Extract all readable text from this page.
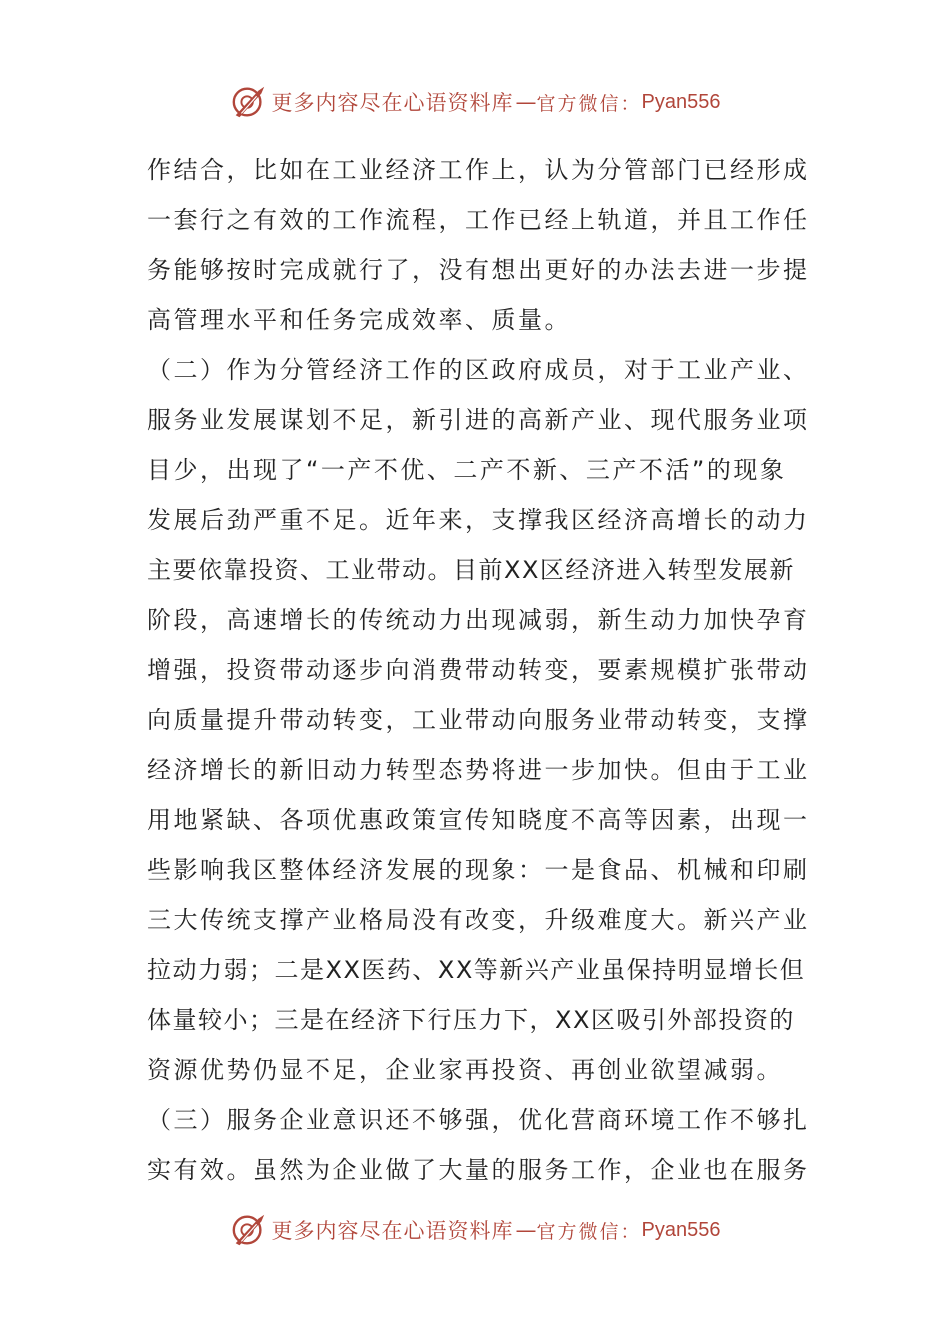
更多内容尽在心语资料库 — 官方微信： Pyan556
作结合，比如在工业经济工作上，认为分管部门已经形成
一套行之有效的工作流程，工作已经上轨道，并且工作任
务能够按时完成就行了，没有想出更好的办法去进一步提
高管理水平和任务完成效率、质量。
（二）作为分管经济工作的区政府成员，对于工业产业、
服务业发展谋划不足，新引进的高新产业、现代服务业项
目少，出现了“一产不优、二产不新、三产不活”的现象
发展后劲严重不足。近年来，支撑我区经济高增长的动力
主要依靠投资、工业带动。目前XX区经济进入转型发展新
阶段，高速增长的传统动力出现减弱，新生动力加快孕育
增强，投资带动逐步向消费带动转变，要素规模扩张带动
向质量提升带动转变，工业带动向服务业带动转变，支撑
经济增长的新旧动力转型态势将进一步加快。但由于工业
用地紧缺、各项优惠政策宣传知晓度不高等因素，出现一
些影响我区整体经济发展的现象：一是食品、机械和印刷
三大传统支撑产业格局没有改变，升级难度大。新兴产业
拉动力弱；二是XX医药、XX等新兴产业虽保持明显增长但
体量较小；三是在经济下行压力下，XX区吸引外部投资的
资源优势仍显不足，企业家再投资、再创业欲望减弱。
（三）服务企业意识还不够强，优化营商环境工作不够扎
实有效。虽然为企业做了大量的服务工作，企业也在服务
更多内容尽在心语资料库 — 官方微信： Pyan556
